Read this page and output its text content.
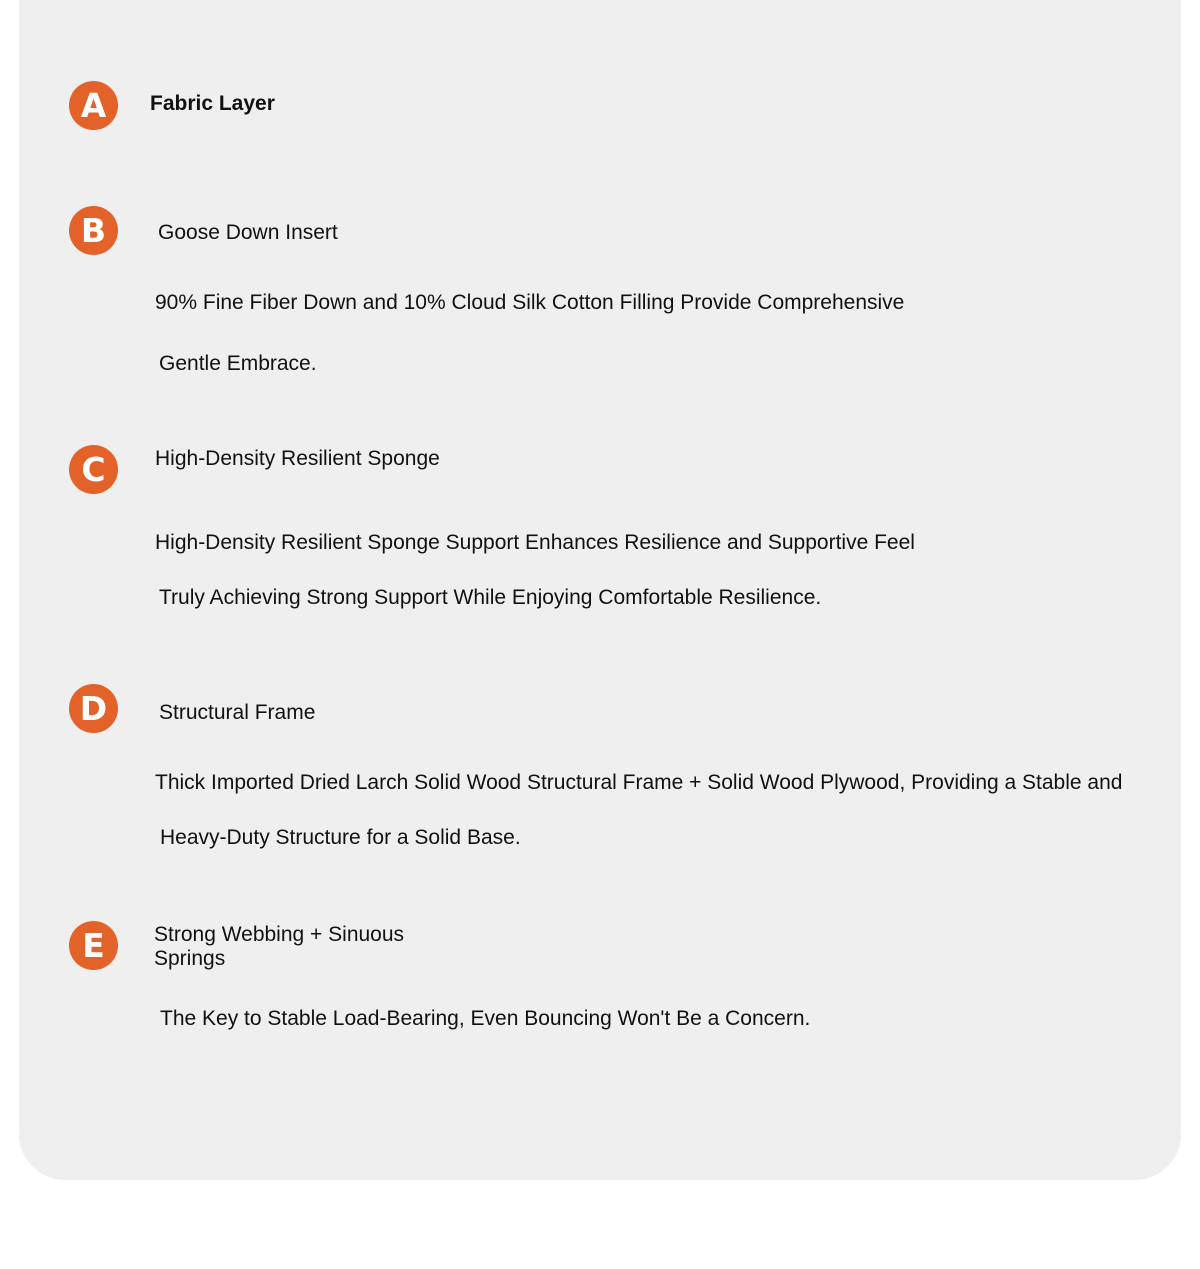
A	Fabric Layer
B	Goose Down Insert
90% Fine Fiber Down and 10% Cloud Silk Cotton Filling Provide Comprehensive
Gentle Embrace.
C	High-Density Resilient Sponge
High-Density Resilient Sponge Support Enhances Resilience and Supportive Feel
Truly Achieving Strong Support While Enjoying Comfortable Resilience.
D	Structural Frame
Thick Imported Dried Larch Solid Wood Structural Frame + Solid Wood Plywood, Providing a Stable and
Heavy-Duty Structure for a Solid Base.
E	Strong Webbing + Sinuous Springs
The Key to Stable Load-Bearing, Even Bouncing Won't Be a Concern.
